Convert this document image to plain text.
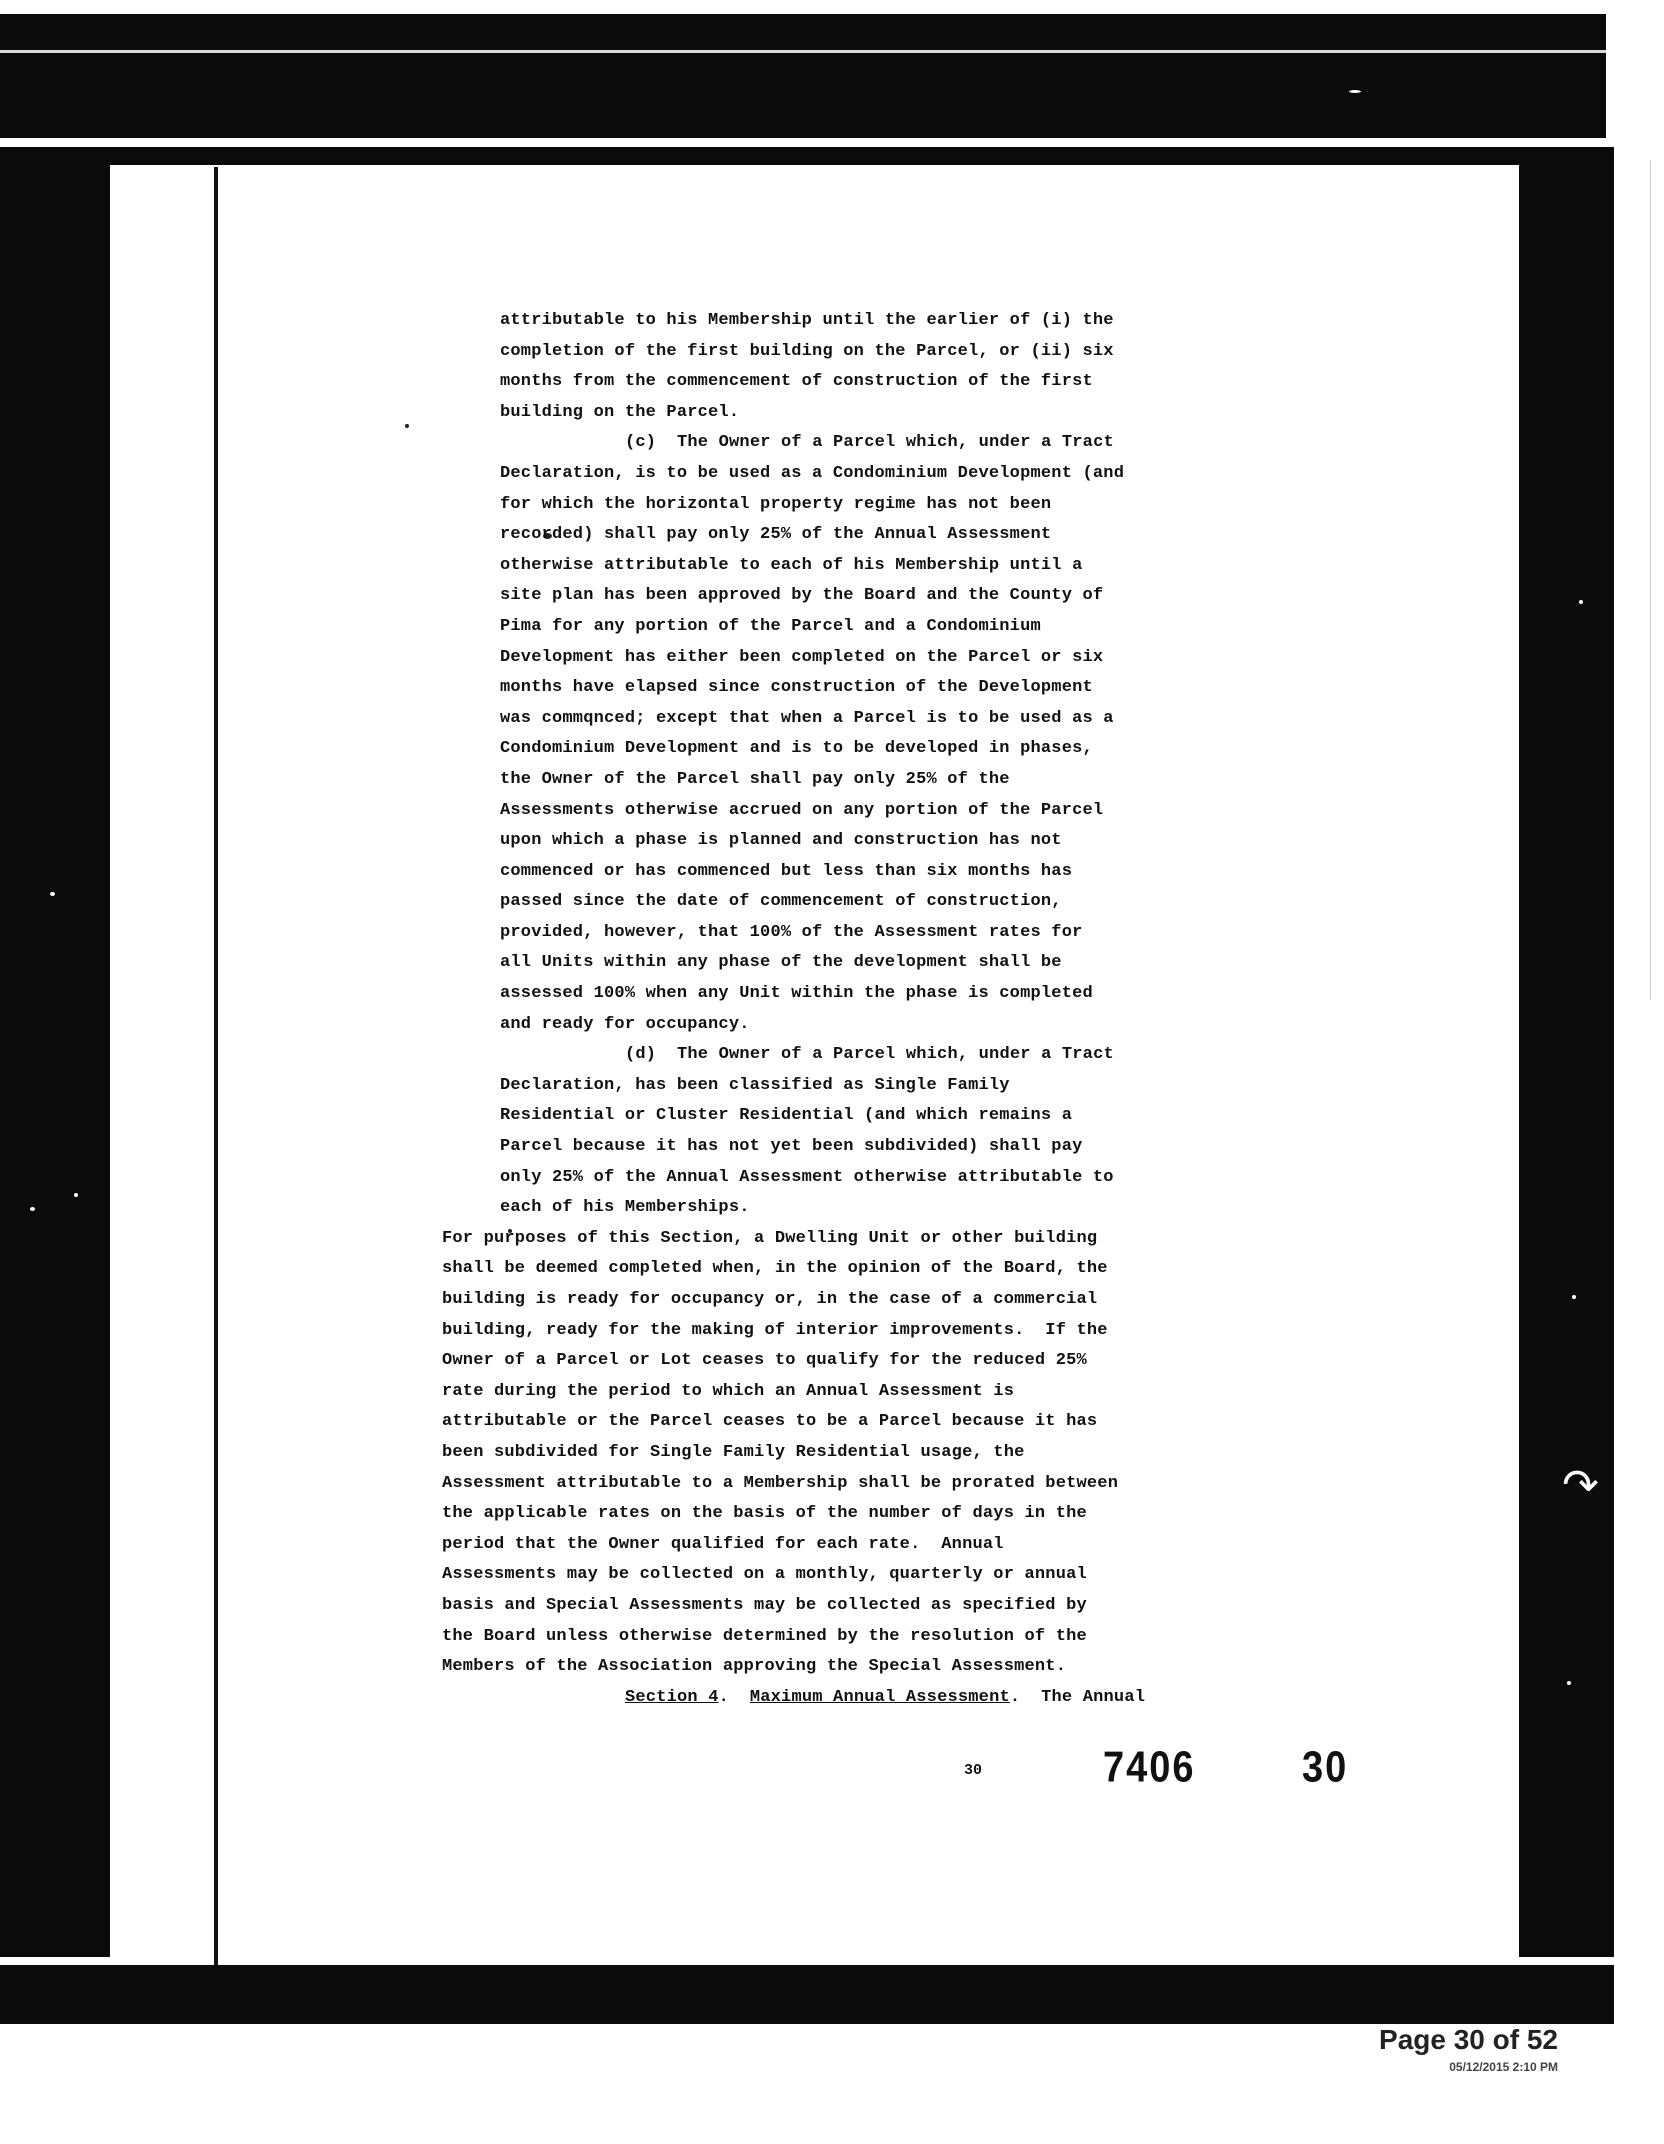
↷
attributable to his Membership until the earlier of (i) the
completion of the first building on the Parcel, or (ii) six
months from the commencement of construction of the first
building on the Parcel.
(c)  The Owner of a Parcel which, under a Tract
Declaration, is to be used as a Condominium Development (and
for which the horizontal property regime has not been
recorded) shall pay only 25% of the Annual Assessment
otherwise attributable to each of his Membership until a
site plan has been approved by the Board and the County of
Pima for any portion of the Parcel and a Condominium
Development has either been completed on the Parcel or six
months have elapsed since construction of the Development
was commqnced; except that when a Parcel is to be used as a
Condominium Development and is to be developed in phases,
the Owner of the Parcel shall pay only 25% of the
Assessments otherwise accrued on any portion of the Parcel
upon which a phase is planned and construction has not
commenced or has commenced but less than six months has
passed since the date of commencement of construction,
provided, however, that 100% of the Assessment rates for
all Units within any phase of the development shall be
assessed 100% when any Unit within the phase is completed
and ready for occupancy.
(d)  The Owner of a Parcel which, under a Tract
Declaration, has been classified as Single Family
Residential or Cluster Residential (and which remains a
Parcel because it has not yet been subdivided) shall pay
only 25% of the Annual Assessment otherwise attributable to
each of his Memberships.
For purposes of this Section, a Dwelling Unit or other building
shall be deemed completed when, in the opinion of the Board, the
building is ready for occupancy or, in the case of a commercial
building, ready for the making of interior improvements.  If the
Owner of a Parcel or Lot ceases to qualify for the reduced 25%
rate during the period to which an Annual Assessment is
attributable or the Parcel ceases to be a Parcel because it has
been subdivided for Single Family Residential usage, the
Assessment attributable to a Membership shall be prorated between
the applicable rates on the basis of the number of days in the
period that the Owner qualified for each rate.  Annual
Assessments may be collected on a monthly, quarterly or annual
basis and Special Assessments may be collected as specified by
the Board unless otherwise determined by the resolution of the
Members of the Association approving the Special Assessment.
Section 4.  Maximum Annual Assessment.  The Annual
30	7406	30
Page 30 of 52
05/12/2015 2:10 PM
